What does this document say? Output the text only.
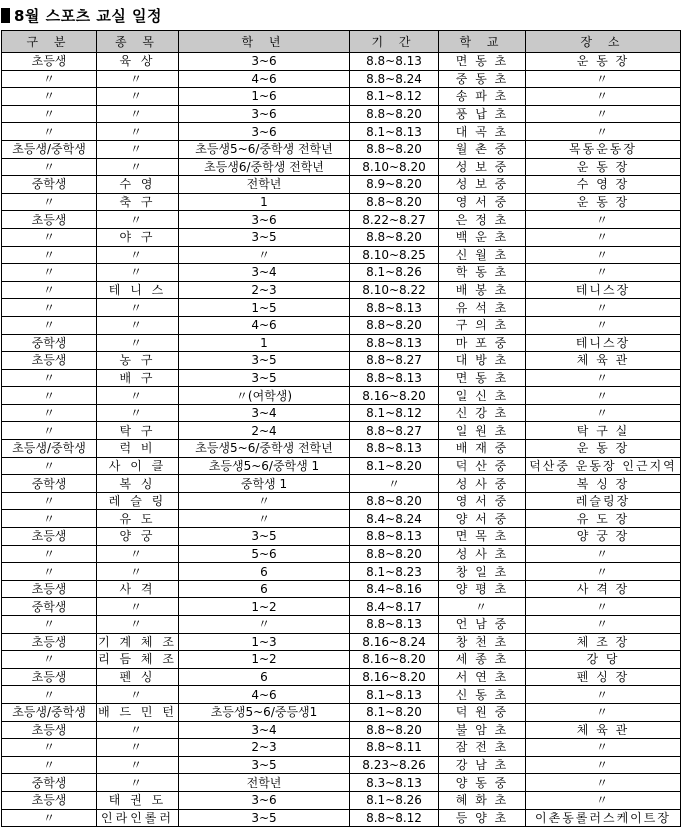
8월 스포츠 교실 일정
구 분	종 목	학 년	기 간	학 교	장 소
초등생	육 상	3~6	8.8~8.13	면 동 초	운 동 장
〃	〃	4~6	8.8~8.24	중 동 초	〃
〃	〃	1~6	8.1~8.12	송 파 초	〃
〃	〃	3~6	8.8~8.20	풍 납 초	〃
〃	〃	3~6	8.1~8.13	대 곡 초	〃
초등생/중학생	〃	초등생5~6/중학생 전학년	8.8~8.20	월 촌 중	목동운동장
〃	〃	초등생6/중학생 전학년	8.10~8.20	성 보 중	운 동 장
중학생	수 영	전학년	8.9~8.20	성 보 중	수 영 장
〃	축 구	1	8.8~8.20	영 서 중	운 동 장
초등생	〃	3~6	8.22~8.27	은 정 초	〃
〃	야 구	3~5	8.8~8.20	백 운 초	〃
〃	〃	〃	8.10~8.25	신 월 초	〃
〃	〃	3~4	8.1~8.26	학 동 초	〃
〃	테 니 스	2~3	8.10~8.22	배 봉 초	테니스장
〃	〃	1~5	8.8~8.13	유 석 초	〃
〃	〃	4~6	8.8~8.20	구 의 초	〃
중학생	〃	1	8.8~8.13	마 포 중	테니스장
초등생	농 구	3~5	8.8~8.27	대 방 초	체 육 관
〃	배 구	3~5	8.8~8.13	면 동 초	〃
〃	〃	〃(여학생)	8.16~8.20	일 신 초	〃
〃	〃	3~4	8.1~8.12	신 강 초	〃
〃	탁 구	2~4	8.8~8.27	일 원 초	탁 구 실
초등생/중학생	럭 비	초등생5~6/중학생 전학년	8.8~8.13	배 재 중	운 동 장
〃	사 이 클	초등생5~6/중학생 1	8.1~8.20	덕 산 중	덕산중 운동장 인근지역
중학생	복 싱	중학생 1	〃	성 사 중	복 싱 장
〃	레 슬 링	〃	8.8~8.20	영 서 중	레슬링장
〃	유 도	〃	8.4~8.24	양 서 중	유 도 장
초등생	양 궁	3~5	8.8~8.13	면 목 초	양 궁 장
〃	〃	5~6	8.8~8.20	성 사 초	〃
〃	〃	6	8.1~8.23	창 일 초	〃
초등생	사 격	6	8.4~8.16	양 평 초	사 격 장
중학생	〃	1~2	8.4~8.17	〃	〃
〃	〃	〃	8.8~8.13	언 남 중	〃
초등생	기 계 체 조	1~3	8.16~8.24	창 천 초	체 조 장
〃	리 듬 체 조	1~2	8.16~8.20	세 종 초	강 당
초등생	펜 싱	6	8.16~8.20	서 연 초	펜 싱 장
〃	〃	4~6	8.1~8.13	신 동 초	〃
초등생/중학생	배 드 민 턴	초등생5~6/중등생1	8.1~8.20	덕 원 중	〃
초등생	〃	3~4	8.8~8.20	불 암 초	체 육 관
〃	〃	2~3	8.8~8.11	잠 전 초	〃
〃	〃	3~5	8.23~8.26	강 남 초	〃
중학생	〃	전학년	8.3~8.13	양 동 중	〃
초등생	태 권 도	3~6	8.1~8.26	혜 화 초	〃
〃	인라인롤러	3~5	8.8~8.12	등 양 초	이촌동롤러스케이트장
